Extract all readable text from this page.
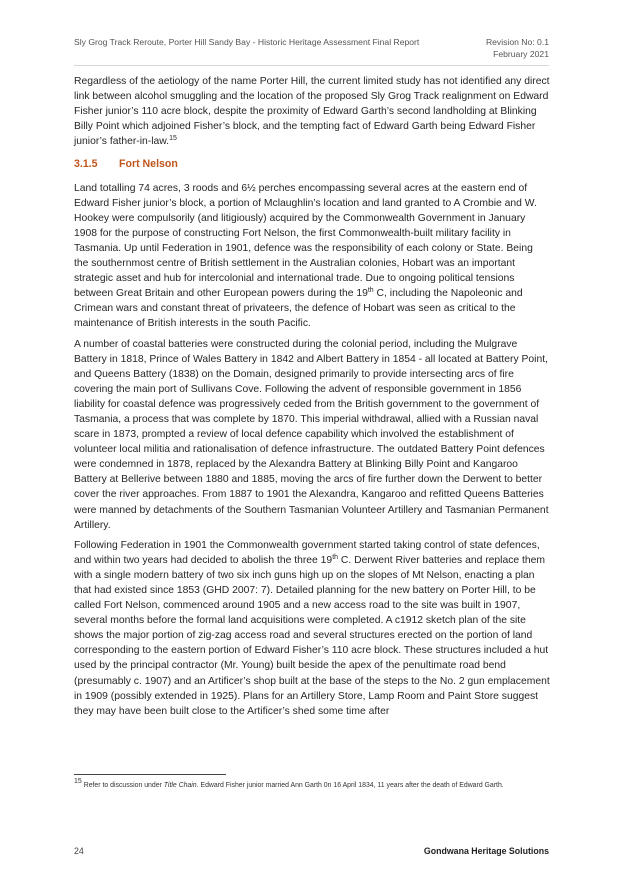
Sly Grog Track Reroute, Porter Hill Sandy Bay - Historic Heritage Assessment Final Report	Revision No: 0.1
February 2021

Regardless of the aetiology of the name Porter Hill, the current limited study has not identified any direct link between alcohol smuggling and the location of the proposed Sly Grog Track realignment on Edward Fisher junior’s 110 acre block, despite the proximity of Edward Garth’s second landholding at Blinking Billy Point which adjoined Fisher’s block, and the tempting fact of Edward Garth being Edward Fisher junior’s father-in-law.$^{15}$

3.1.5 Fort Nelson

Land totalling 74 acres, 3 roods and 6½ perches encompassing several acres at the eastern end of Edward Fisher junior’s block, a portion of Mclaughlin’s location and land granted to A Crombie and W. Hookey were compulsorily (and litigiously) acquired by the Commonwealth Government in January 1908 for the purpose of constructing Fort Nelson, the first Commonwealth-built military facility in Tasmania. Up until Federation in 1901, defence was the responsibility of each colony or State. Being the southernmost centre of British settlement in the Australian colonies, Hobart was an important strategic asset and hub for intercolonial and international trade. Due to ongoing political tensions between Great Britain and other European powers during the 19th C, including the Napoleonic and Crimean wars and constant threat of privateers, the defence of Hobart was seen as critical to the maintenance of British interests in the south Pacific.

A number of coastal batteries were constructed during the colonial period, including the Mulgrave Battery in 1818, Prince of Wales Battery in 1842 and Albert Battery in 1854 - all located at Battery Point, and Queens Battery (1838) on the Domain, designed primarily to provide intersecting arcs of fire covering the main port of Sullivans Cove. Following the advent of responsible government in 1856 liability for coastal defence was progressively ceded from the British government to the government of Tasmania, a process that was complete by 1870. This imperial withdrawal, allied with a Russian naval scare in 1873, prompted a review of local defence capability which involved the establishment of volunteer local militia and rationalisation of defence infrastructure. The outdated Battery Point defences were condemned in 1878, replaced by the Alexandra Battery at Blinking Billy Point and Kangaroo Battery at Bellerive between 1880 and 1885, moving the arcs of fire further down the Derwent to better cover the river approaches. From 1887 to 1901 the Alexandra, Kangaroo and refitted Queens Batteries were manned by detachments of the Southern Tasmanian Volunteer Artillery and Tasmanian Permanent Artillery.

Following Federation in 1901 the Commonwealth government started taking control of state defences, and within two years had decided to abolish the three 19th C. Derwent River batteries and replace them with a single modern battery of two six inch guns high up on the slopes of Mt Nelson, enacting a plan that had existed since 1853 (GHD 2007: 7). Detailed planning for the new battery on Porter Hill, to be called Fort Nelson, commenced around 1905 and a new access road to the site was built in 1907, several months before the formal land acquisitions were completed. A c1912 sketch plan of the site shows the major portion of zig-zag access road and several structures erected on the portion of land corresponding to the eastern portion of Edward Fisher’s 110 acre block. These structures included a hut used by the principal contractor (Mr. Young) built beside the apex of the penultimate road bend (presumably c. 1907) and an Artificer’s shop built at the base of the steps to the No. 2 gun emplacement in 1909 (possibly extended in 1925). Plans for an Artillery Store, Lamp Room and Paint Store suggest they may have been built close to the Artificer’s shed some time after

15 Refer to discussion under Title Chain. Edward Fisher junior married Ann Garth 0n 16 April 1834, 11 years after the death of Edward Garth.
24	Gondwana Heritage Solutions
